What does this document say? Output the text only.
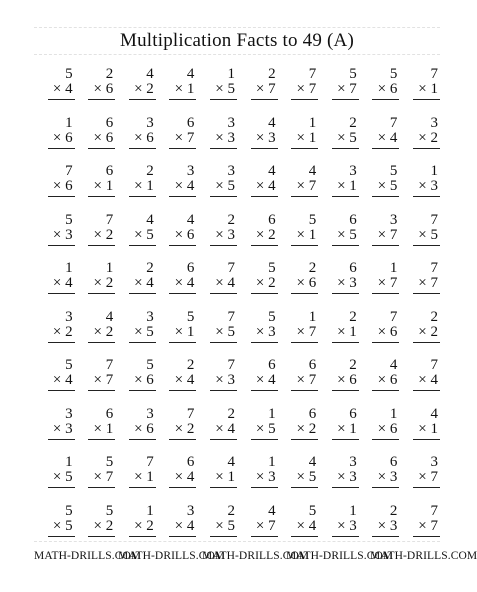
Multiplication Facts to 49 (A)
5
× 4
2
× 6
4
× 2
4
× 1
1
× 5
2
× 7
7
× 7
5
× 7
5
× 6
7
× 1
1
× 6
6
× 6
3
× 6
6
× 7
3
× 3
4
× 3
1
× 1
2
× 5
7
× 4
3
× 2
7
× 6
6
× 1
2
× 1
3
× 4
3
× 5
4
× 4
4
× 7
3
× 1
5
× 5
1
× 3
5
× 3
7
× 2
4
× 5
4
× 6
2
× 3
6
× 2
5
× 1
6
× 5
3
× 7
7
× 5
1
× 4
1
× 2
2
× 4
6
× 4
7
× 4
5
× 2
2
× 6
6
× 3
1
× 7
7
× 7
3
× 2
4
× 2
3
× 5
5
× 1
7
× 5
5
× 3
1
× 7
2
× 1
7
× 6
2
× 2
5
× 4
7
× 7
5
× 6
2
× 4
7
× 3
6
× 4
6
× 7
2
× 6
4
× 6
7
× 4
3
× 3
6
× 1
3
× 6
7
× 2
2
× 4
1
× 5
6
× 2
6
× 1
1
× 6
4
× 1
1
× 5
5
× 7
7
× 1
6
× 4
4
× 1
1
× 3
4
× 5
3
× 3
6
× 3
3
× 7
5
× 5
5
× 2
1
× 2
3
× 4
2
× 5
4
× 7
5
× 4
1
× 3
2
× 3
7
× 7
MATH-DRILLS.COMMATH-DRILLS.COMMATH-DRILLS.COMMATH-DRILLS.COMMATH-DRILLS.COM
